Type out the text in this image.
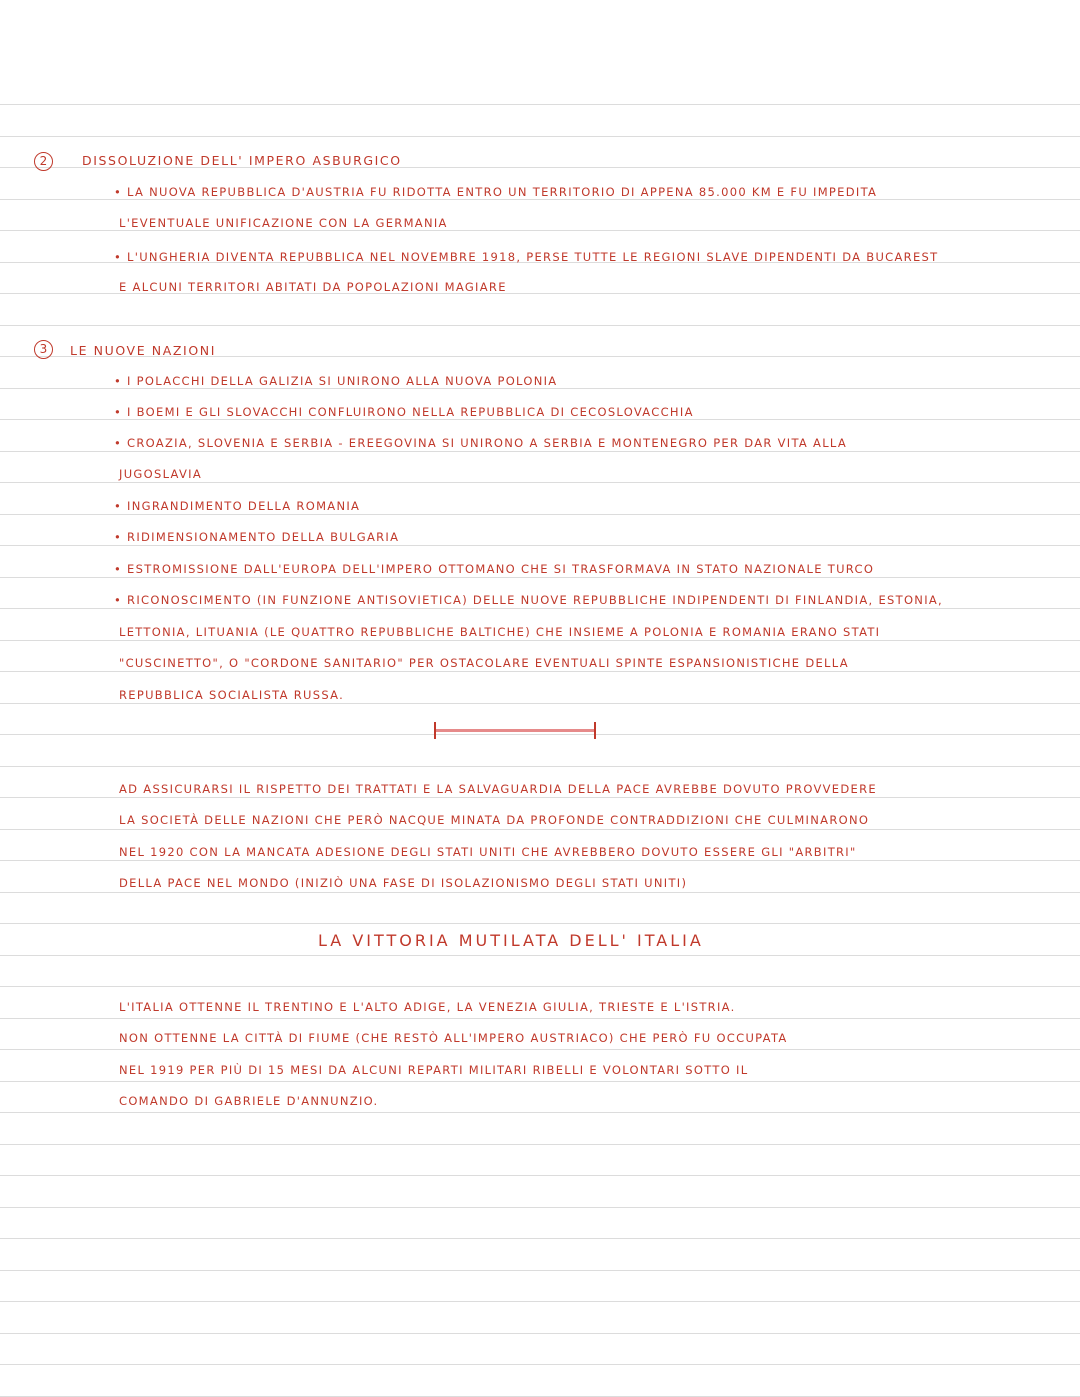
2	DISSOLUZIONE DELL' IMPERO ASBURGICO
• LA NUOVA REPUBBLICA D'AUSTRIA FU RIDOTTA ENTRO UN TERRITORIO DI APPENA 85.000 KM E FU IMPEDITA
L'EVENTUALE UNIFICAZIONE CON LA GERMANIA
• L'UNGHERIA DIVENTA REPUBBLICA NEL NOVEMBRE 1918, PERSE TUTTE LE REGIONI SLAVE DIPENDENTI DA BUCAREST
E ALCUNI TERRITORI ABITATI DA POPOLAZIONI MAGIARE
3	LE NUOVE NAZIONI
• I POLACCHI DELLA GALIZIA SI UNIRONO ALLA NUOVA POLONIA
• I BOEMI E GLI SLOVACCHI CONFLUIRONO NELLA REPUBBLICA DI CECOSLOVACCHIA
• CROAZIA, SLOVENIA E SERBIA - EREEGOVINA SI UNIRONO A SERBIA E MONTENEGRO PER DAR VITA ALLA
JUGOSLAVIA
• INGRANDIMENTO DELLA ROMANIA
• RIDIMENSIONAMENTO DELLA BULGARIA
• ESTROMISSIONE DALL'EUROPA DELL'IMPERO OTTOMANO CHE SI TRASFORMAVA IN STATO NAZIONALE TURCO
• RICONOSCIMENTO (IN FUNZIONE ANTISOVIETICA) DELLE NUOVE REPUBBLICHE INDIPENDENTI DI FINLANDIA, ESTONIA,
LETTONIA, LITUANIA (LE QUATTRO REPUBBLICHE BALTICHE) CHE INSIEME A POLONIA E ROMANIA ERANO STATI
"CUSCINETTO", O "CORDONE SANITARIO" PER OSTACOLARE EVENTUALI SPINTE ESPANSIONISTICHE DELLA
REPUBBLICA SOCIALISTA RUSSA.
AD ASSICURARSI IL RISPETTO DEI TRATTATI E LA SALVAGUARDIA DELLA PACE AVREBBE DOVUTO PROVVEDERE
LA SOCIETÀ DELLE NAZIONI CHE PERÒ NACQUE MINATA DA PROFONDE CONTRADDIZIONI CHE CULMINARONO
NEL 1920 CON LA MANCATA ADESIONE DEGLI STATI UNITI CHE AVREBBERO DOVUTO ESSERE GLI "ARBITRI"
DELLA PACE NEL MONDO (INIZIÒ UNA FASE DI ISOLAZIONISMO DEGLI STATI UNITI)
LA VITTORIA MUTILATA DELL' ITALIA
L'ITALIA OTTENNE IL TRENTINO E L'ALTO ADIGE, LA VENEZIA GIULIA, TRIESTE E L'ISTRIA.
NON OTTENNE LA CITTÀ DI FIUME (CHE RESTÒ ALL'IMPERO AUSTRIACO) CHE PERÒ FU OCCUPATA
NEL 1919 PER PIÙ DI 15 MESI DA ALCUNI REPARTI MILITARI RIBELLI E VOLONTARI SOTTO IL
COMANDO DI GABRIELE D'ANNUNZIO.
